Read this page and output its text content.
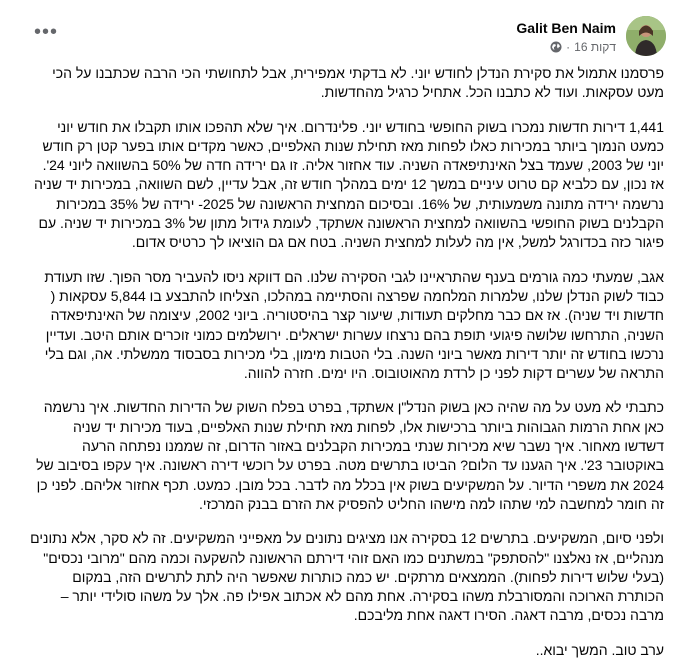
Galit Ben Naim
16 דקות
·
•••

פרסמנו אתמול את סקירת הנדלן לחודש יוני. לא בדקתי אמפירית, אבל לתחושתי הכי הרבה שכתבנו על הכי מעט עסקאות. ועוד לא כתבנו הכל. אתחיל כרגיל מהחדשות.

1,441 דירות חדשות נמכרו בשוק החופשי בחודש יוני. פלינדרום. איך שלא תהפכו אותו תקבלו את חודש יוני כמעט הנמוך ביותר במכירות כאלו לפחות מאז תחילת שנות האלפיים, כאשר מקדים אותו בפער קטן רק חודש יוני של 2003, שעמד בצל האינתיפאדה השניה. עוד אחזור אליה. זו גם ירידה חדה של 50% בהשוואה ליוני 24'. אז נכון, עם כלביא קם טרוט עיניים במשך 12 ימים במהלך חודש זה, אבל עדיין, לשם השוואה, במכירות יד שניה נרשמה ירידה מתונה משמעותית, של 16%. ובסיכום המחצית הראשונה של 2025- ירידה של 35% במכירות הקבלנים בשוק החופשי בהשוואה למחצית הראשונה אשתקד, לעומת גידול מתון של 3% במכירות יד שניה. עם פיגור כזה בכדורגל למשל, אין מה לעלות למחצית השניה. בטח אם גם הוציאו לך כרטיס אדום.

אגב, שמעתי כמה גורמים בענף שהתראיינו לגבי הסקירה שלנו. הם דווקא ניסו להעביר מסר הפוך. שזו תעודת כבוד לשוק הנדלן שלנו, שלמרות המלחמה שפרצה והסתיימה במהלכו, הצליחו להתבצע בו 5,844 עסקאות ( חדשות ויד שניה). אז אם כבר מחלקים תעודות, שיעור קצר בהיסטוריה. ביוני 2002, עיצומה של האינתיפאדה השניה, התרחשו שלושה פיגועי תופת בהם נרצחו עשרות ישראלים. ירושלמים כמוני זוכרים אותם היטב. ועדיין נרכשו בחודש זה יותר דירות מאשר ביוני השנה. בלי הטבות מימון, בלי מכירות בסבסוד ממשלתי. אה, וגם בלי התראה של עשרים דקות לפני כן לרדת מהאוטובוס. היו ימים. חזרה להווה.

כתבתי לא מעט על מה שהיה כאן בשוק הנדל"ן אשתקד, בפרט בפלח השוק של הדירות החדשות. איך נרשמה כאן אחת הרמות הגבוהות ביותר ברכישות אלו, לפחות מאז תחילת שנות האלפיים, בעוד מכירות יד שניה דשדשו מאחור. איך נשבר שיא מכירות שנתי במכירות הקבלנים באזור הדרום, זה שממנו נפתחה הרעה באוקטובר 23'. איך הגענו עד הלום? הביטו בתרשים מטה. בפרט על רוכשי דירה ראשונה. איך עקפו בסיבוב של 2024 את משפרי הדיור. על המשקיעים בשוק אין בכלל מה לדבר. בכל מובן. כמעט. תכף אחזור אליהם. לפני כן זה חומר למחשבה למי שתהו למה מישהו החליט להפסיק את הזרם בבנק המרכזי.

ולפני סיום, המשקיעים. בתרשים 12 בסקירה אנו מציגים נתונים על מאפייני המשקיעים. זה לא סקר, אלא נתונים מנהליים, אז נאלצנו "להסתפק" במשתנים כמו האם זוהי דירתם הראשונה להשקעה וכמה מהם "מרובי נכסים" (בעלי שלוש דירות לפחות). הממצאים מרתקים. יש כמה כותרות שאפשר היה לתת לתרשים הזה, במקום הכותרת הארוכה והמסורבלת משהו בסקירה. אחת מהם לא אכתוב אפילו פה. אלך על משהו סולידי יותר – מרבה נכסים, מרבה דאגה. הסירו דאגה אחת מליבכם.

ערב טוב. המשך יבוא..
